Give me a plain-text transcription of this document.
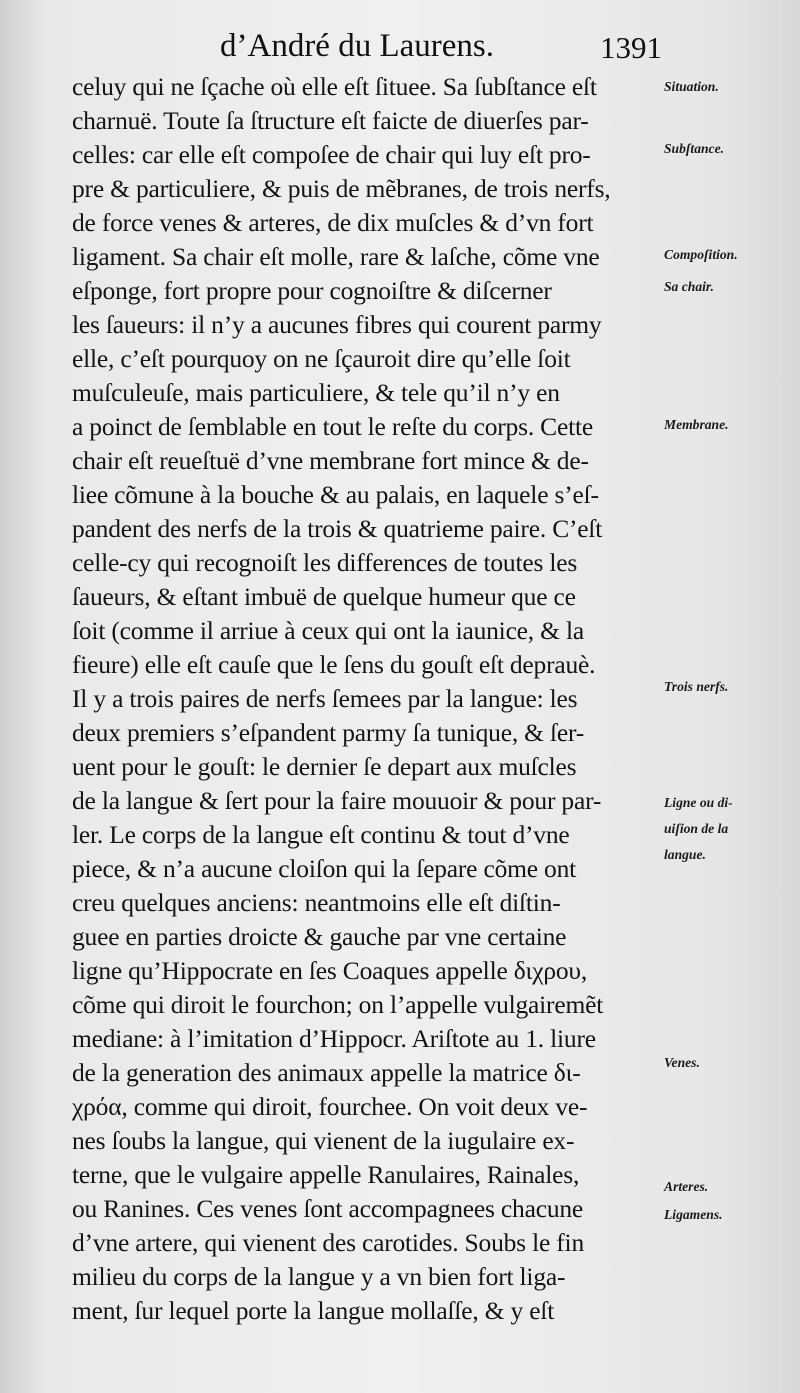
d’André du Laurens.	1391
celuy qui ne ſçache où elle eſt ſituee. Sa ſubſtance eſt
charnuë. Toute ſa ſtructure eſt faicte de diuerſes par-
celles: car elle eſt compoſee de chair qui luy eſt pro-
pre & particuliere, & puis de mẽbranes, de trois nerfs,
de force venes & arteres, de dix muſcles & d’vn fort
ligament. Sa chair eſt molle, rare & laſche, cõme vne
eſponge, fort propre pour cognoiſtre & diſcerner
les ſaueurs: il n’y a aucunes fibres qui courent parmy
elle, c’eſt pourquoy on ne ſçauroit dire qu’elle ſoit
muſculeuſe, mais particuliere, & tele qu’il n’y en
a poinct de ſemblable en tout le reſte du corps. Cette
chair eſt reueſtuë d’vne membrane fort mince & de-
liee cõmune à la bouche & au palais, en laquele s’eſ-
pandent des nerfs de la trois & quatrieme paire. C’eſt
celle-cy qui recognoiſt les differences de toutes les
ſaueurs, & eſtant imbuë de quelque humeur que ce
ſoit (comme il arriue à ceux qui ont la iaunice, & la
fieure) elle eſt cauſe que le ſens du gouſt eſt deprauè.
Il y a trois paires de nerfs ſemees par la langue: les
deux premiers s’eſpandent parmy ſa tunique, & ſer-
uent pour le gouſt: le dernier ſe depart aux muſcles
de la langue & ſert pour la faire mouuoir & pour par-
ler. Le corps de la langue eſt continu & tout d’vne
piece, & n’a aucune cloiſon qui la ſepare cõme ont
creu quelques anciens: neantmoins elle eſt diſtin-
guee en parties droicte & gauche par vne certaine
ligne qu’Hippocrate en ſes Coaques appelle διχρου,
cõme qui diroit le fourchon; on l’appelle vulgairemẽt
mediane: à l’imitation d’Hippocr. Ariſtote au 1. liure
de la generation des animaux appelle la matrice δι-
χρόα, comme qui diroit, fourchee. On voit deux ve-
nes ſoubs la langue, qui vienent de la iugulaire ex-
terne, que le vulgaire appelle Ranulaires, Rainales,
ou Ranines. Ces venes ſont accompagnees chacune
d’vne artere, qui vienent des carotides. Soubs le fin
milieu du corps de la langue y a vn bien fort liga-
ment, ſur lequel porte la langue mollaſſe, & y eſt
Situation.
Subſtance.
Compoſition.
Sa chair.
Membrane.
Trois nerfs.
Ligne ou di-
uiſion de la
langue.
Venes.
Arteres.
Ligamens.
